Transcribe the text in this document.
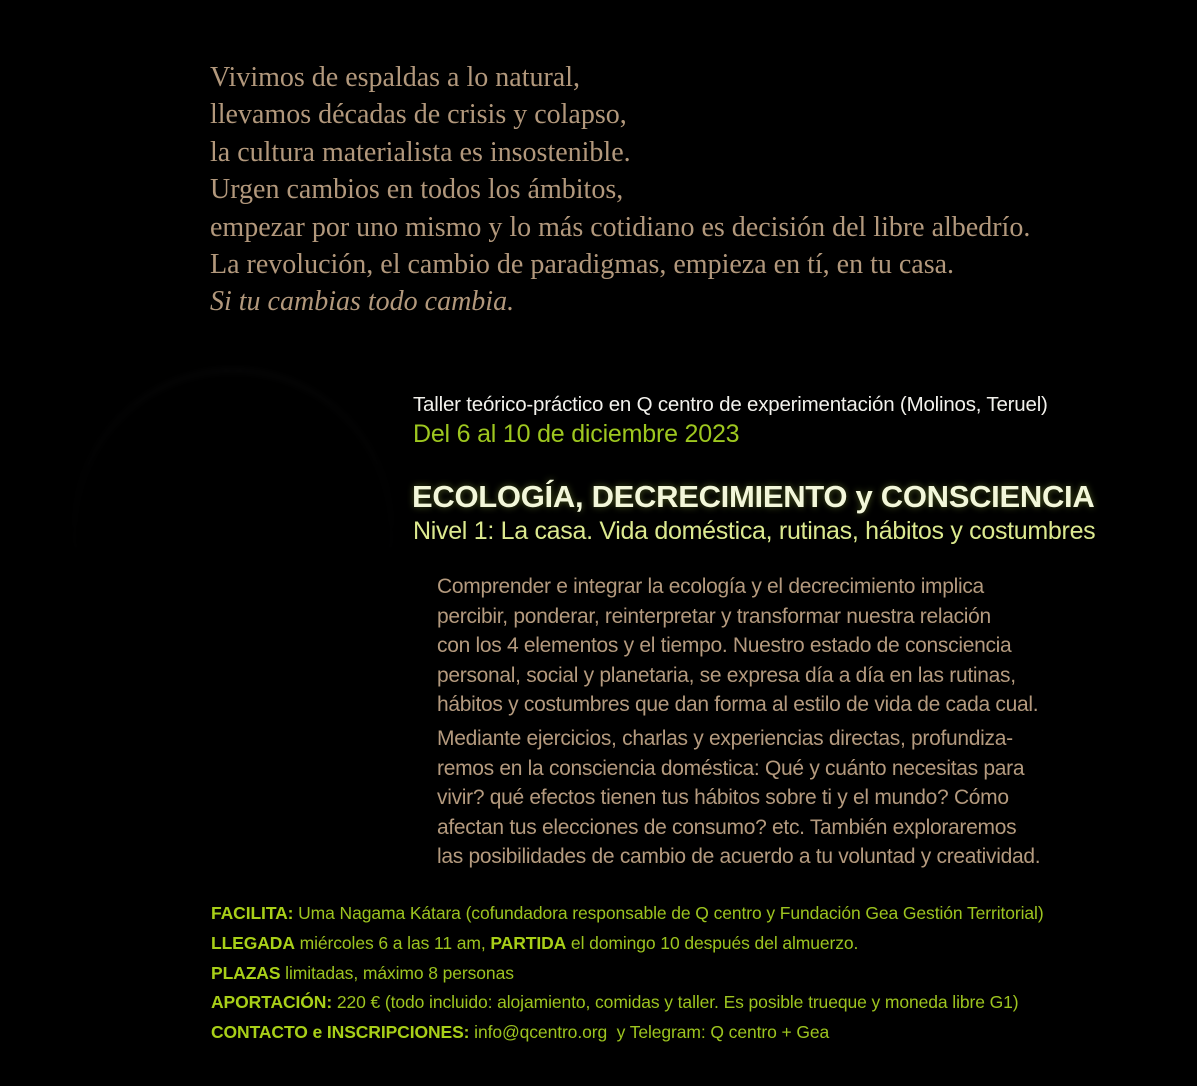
Vivimos de espaldas a lo natural,
llevamos décadas de crisis y colapso,
la cultura materialista es insostenible.
Urgen cambios en todos los ámbitos,
empezar por uno mismo y lo más cotidiano es decisión del libre albedrío.
La revolución, el cambio de paradigmas, empieza en tí, en tu casa.
Si tu cambias todo cambia.
Taller teórico-práctico en Q centro de experimentación (Molinos, Teruel)
Del 6 al 10 de diciembre 2023
ECOLOGÍA, DECRECIMIENTO y CONSCIENCIA
Nivel 1: La casa. Vida doméstica, rutinas, hábitos y costumbres
Comprender e integrar la ecología y el decrecimiento implica
percibir, ponderar, reinterpretar y transformar nuestra relación
con los 4 elementos y el tiempo. Nuestro estado de consciencia
personal, social y planetaria, se expresa día a día en las rutinas,
hábitos y costumbres que dan forma al estilo de vida de cada cual.
Mediante ejercicios, charlas y experiencias directas, profundiza-
remos en la consciencia doméstica: Qué y cuánto necesitas para
vivir? qué efectos tienen tus hábitos sobre ti y el mundo? Cómo
afectan tus elecciones de consumo? etc. También exploraremos
las posibilidades de cambio de acuerdo a tu voluntad y creatividad.
FACILITA: Uma Nagama Kátara (cofundadora responsable de Q centro y Fundación Gea Gestión Territorial)
LLEGADA miércoles 6 a las 11 am, PARTIDA el domingo 10 después del almuerzo.
PLAZAS limitadas, máximo 8 personas
APORTACIÓN: 220 € (todo incluido: alojamiento, comidas y taller. Es posible trueque y moneda libre G1)
CONTACTO e INSCRIPCIONES: info@qcentro.org  y Telegram: Q centro + Gea
